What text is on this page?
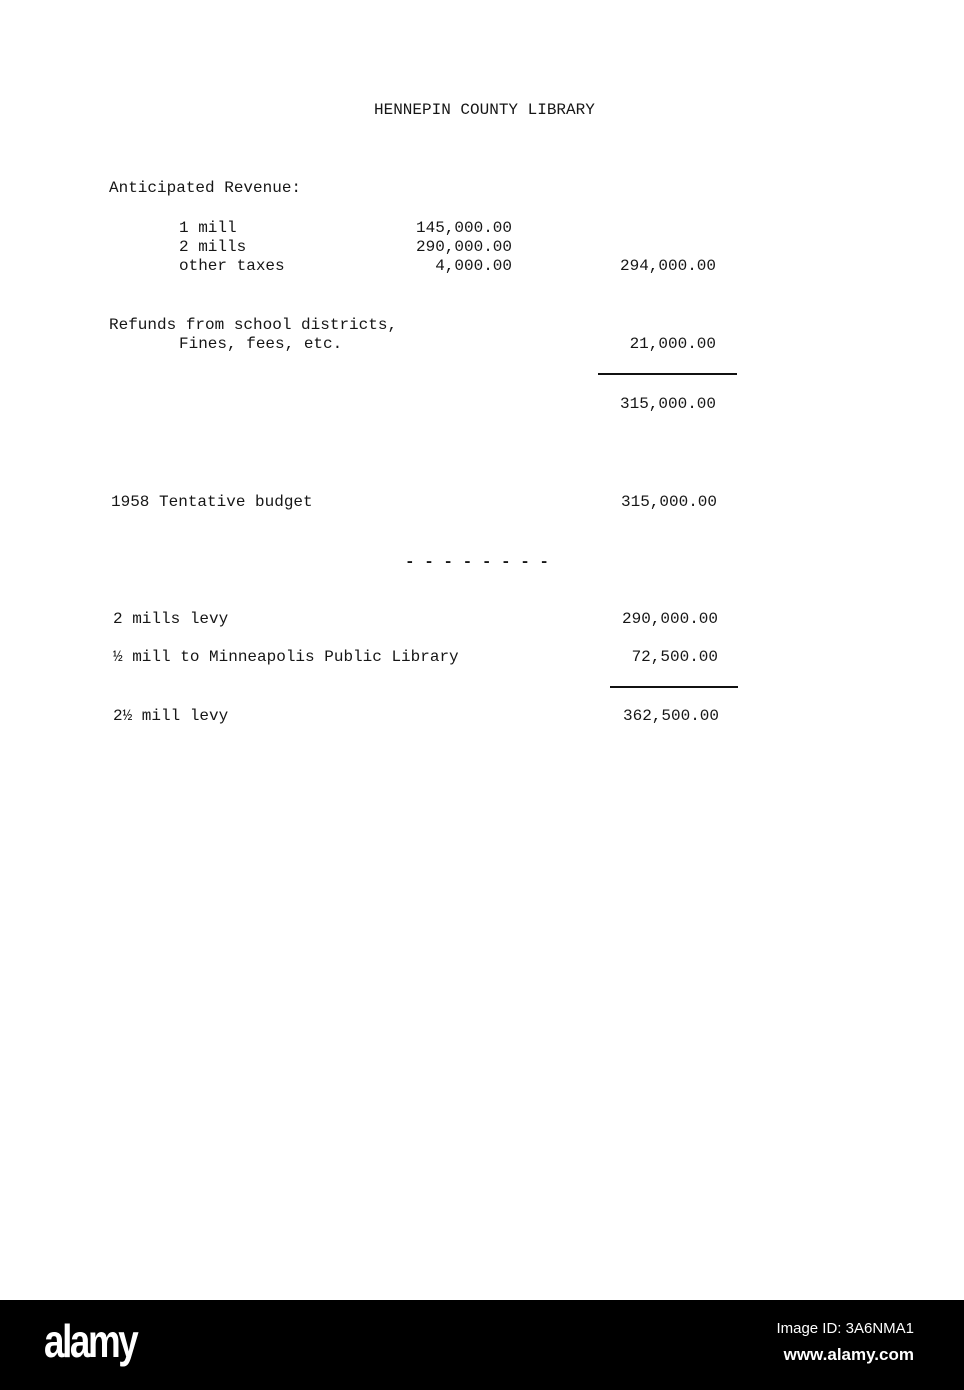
HENNEPIN COUNTY LIBRARY
Anticipated Revenue:
1 mill	145,000.00
2 mills	290,000.00
other taxes	4,000.00	294,000.00
Refunds from school districts,
Fines, fees, etc.	21,000.00
315,000.00
1958 Tentative budget	315,000.00
- - - - - - - -
2 mills levy	290,000.00
½ mill to Minneapolis Public Library	72,500.00
2½ mill levy	362,500.00
alamy	Image ID: 3A6NMA1
www.alamy.com
